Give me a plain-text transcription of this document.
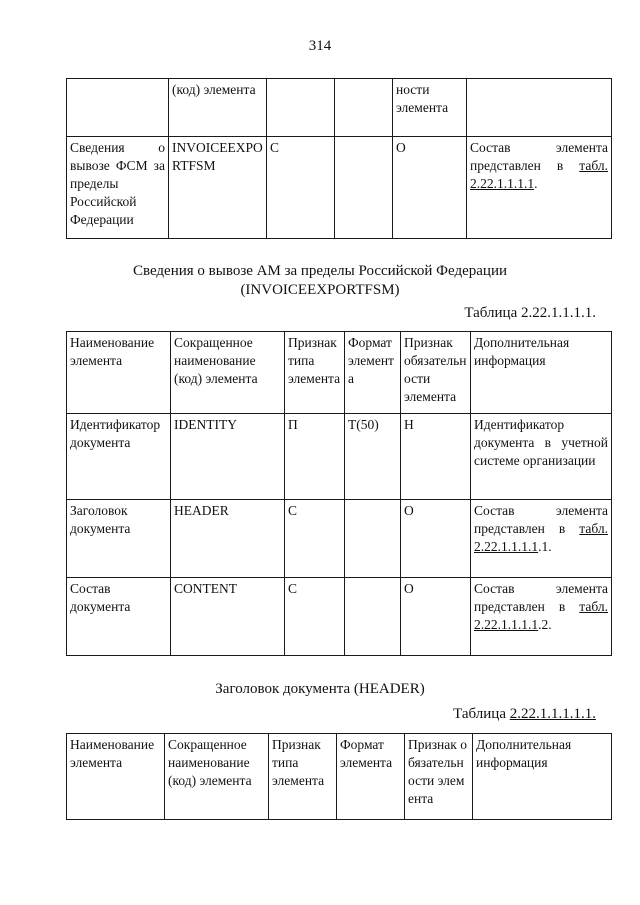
314
	(код) элемента			ности элемента	
Сведения о вывозе ФСМ за пределы Российской Федерации	INVOICEEXPORTFSM	С		О	Состав элемента представлен в табл. 2.22.1.1.1.1.
Сведения о вывозе АМ за пределы Российской Федерации
(INVOICEEXPORTFSM)
Таблица 2.22.1.1.1.1.
Наименование элемента	Сокращенное наименование (код) элемента	Признак типа элемента	Формат элемента	Признак обязательности элемента	Дополнительная информация
Идентификатор документа	IDENTITY	П	T(50)	Н	Идентификатор документа в учетной системе организации
Заголовок документа	HEADER	С		О	Состав элемента представлен в табл. 2.22.1.1.1.1.1.
Состав документа	CONTENT	С		О	Состав элемента представлен в табл. 2.22.1.1.1.1.2.
Заголовок документа (HEADER)
Таблица 2.22.1.1.1.1.1.
Наименование элемента	Сокращенное наименование (код) элемента	Признак типа элемента	Формат элемента	Признак обязательности элемента	Дополнительная информация
